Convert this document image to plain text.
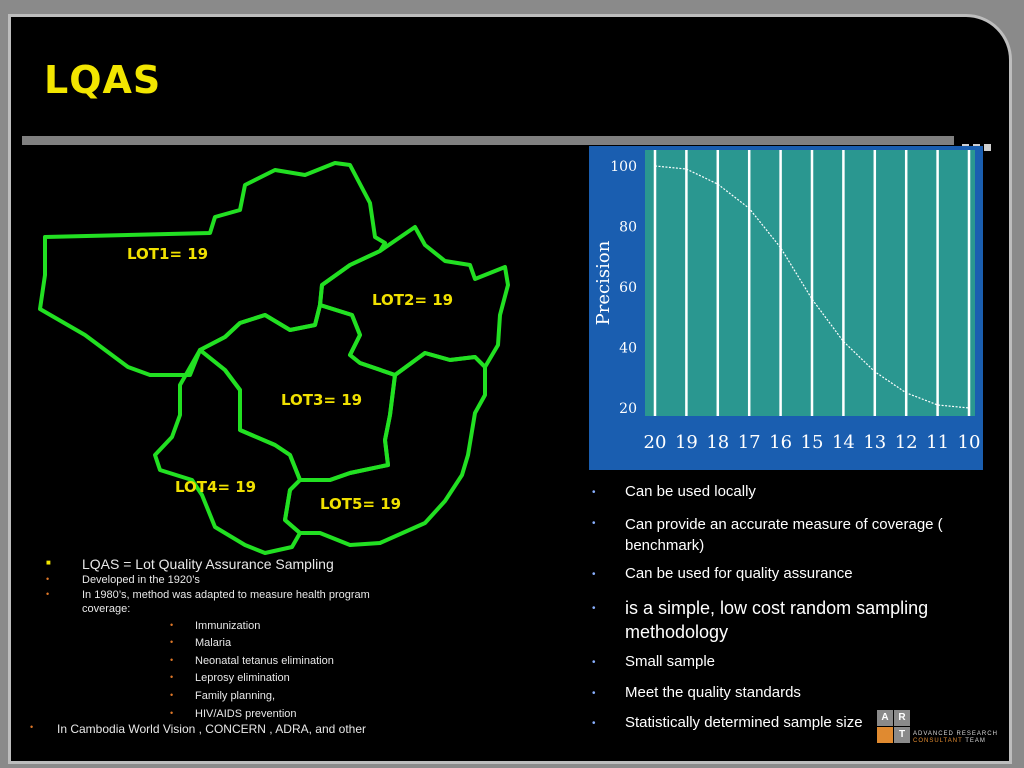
LQAS
LOT1= 19
LOT2= 19
LOT3= 19
LOT4= 19
LOT5= 19
20 19 18 17 16 15 14 13 12 11 10
20
40
60
80
100
Precision
■ LQAS = Lot Quality Assurance Sampling
•	Developed in the 1920’s
•	In 1980’s, method was adapted to measure health program
coverage:
• Immunization
• Malaria
• Neonatal tetanus elimination
• Leprosy elimination
• Family planning,
• HIV/AIDS prevention
• In Cambodia World Vision , CONCERN , ADRA, and other
• Can be used locally
• Can provide an accurate measure of coverage ( benchmark)
• Can be used for quality assurance
• is a simple, low cost random sampling methodology
• Small sample
• Meet the quality standards
• Statistically determined sample size	A R
T	ADVANCED RESEARCH
CONSULTANT TEAM
